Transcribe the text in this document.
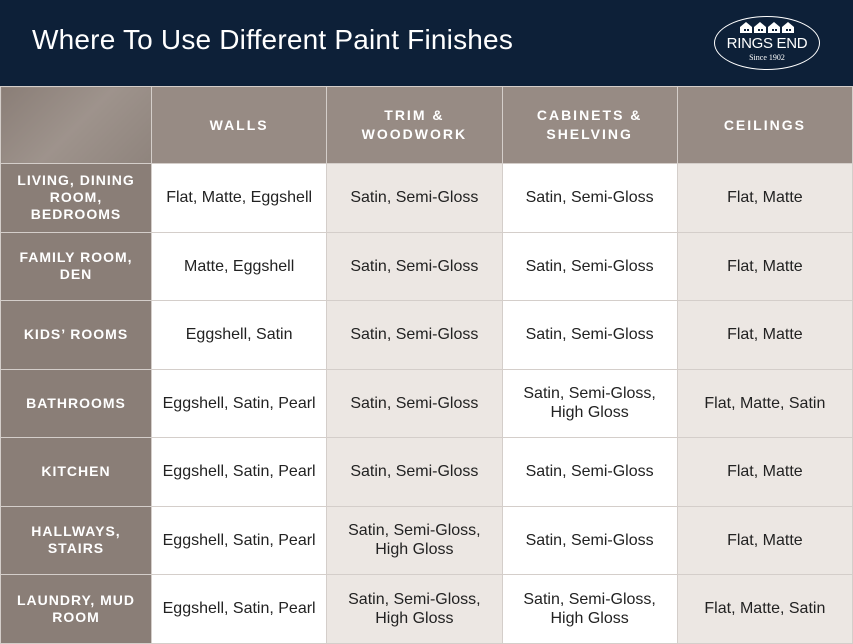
Where To Use Different Paint Finishes	RINGS END
Since 1902
	WALLS	TRIM & WOODWORK	CABINETS & SHELVING	CEILINGS
LIVING, DINING ROOM, BEDROOMS	Flat, Matte, Eggshell	Satin, Semi-Gloss	Satin, Semi-Gloss	Flat, Matte
FAMILY ROOM, DEN	Matte, Eggshell	Satin, Semi-Gloss	Satin, Semi-Gloss	Flat, Matte
KIDS’ ROOMS	Eggshell, Satin	Satin, Semi-Gloss	Satin, Semi-Gloss	Flat, Matte
BATHROOMS	Eggshell, Satin, Pearl	Satin, Semi-Gloss	Satin, Semi-Gloss, High Gloss	Flat, Matte, Satin
KITCHEN	Eggshell, Satin, Pearl	Satin, Semi-Gloss	Satin, Semi-Gloss	Flat, Matte
HALLWAYS, STAIRS	Eggshell, Satin, Pearl	Satin, Semi-Gloss, High Gloss	Satin, Semi-Gloss	Flat, Matte
LAUNDRY, MUD ROOM	Eggshell, Satin, Pearl	Satin, Semi-Gloss, High Gloss	Satin, Semi-Gloss, High Gloss	Flat, Matte, Satin
